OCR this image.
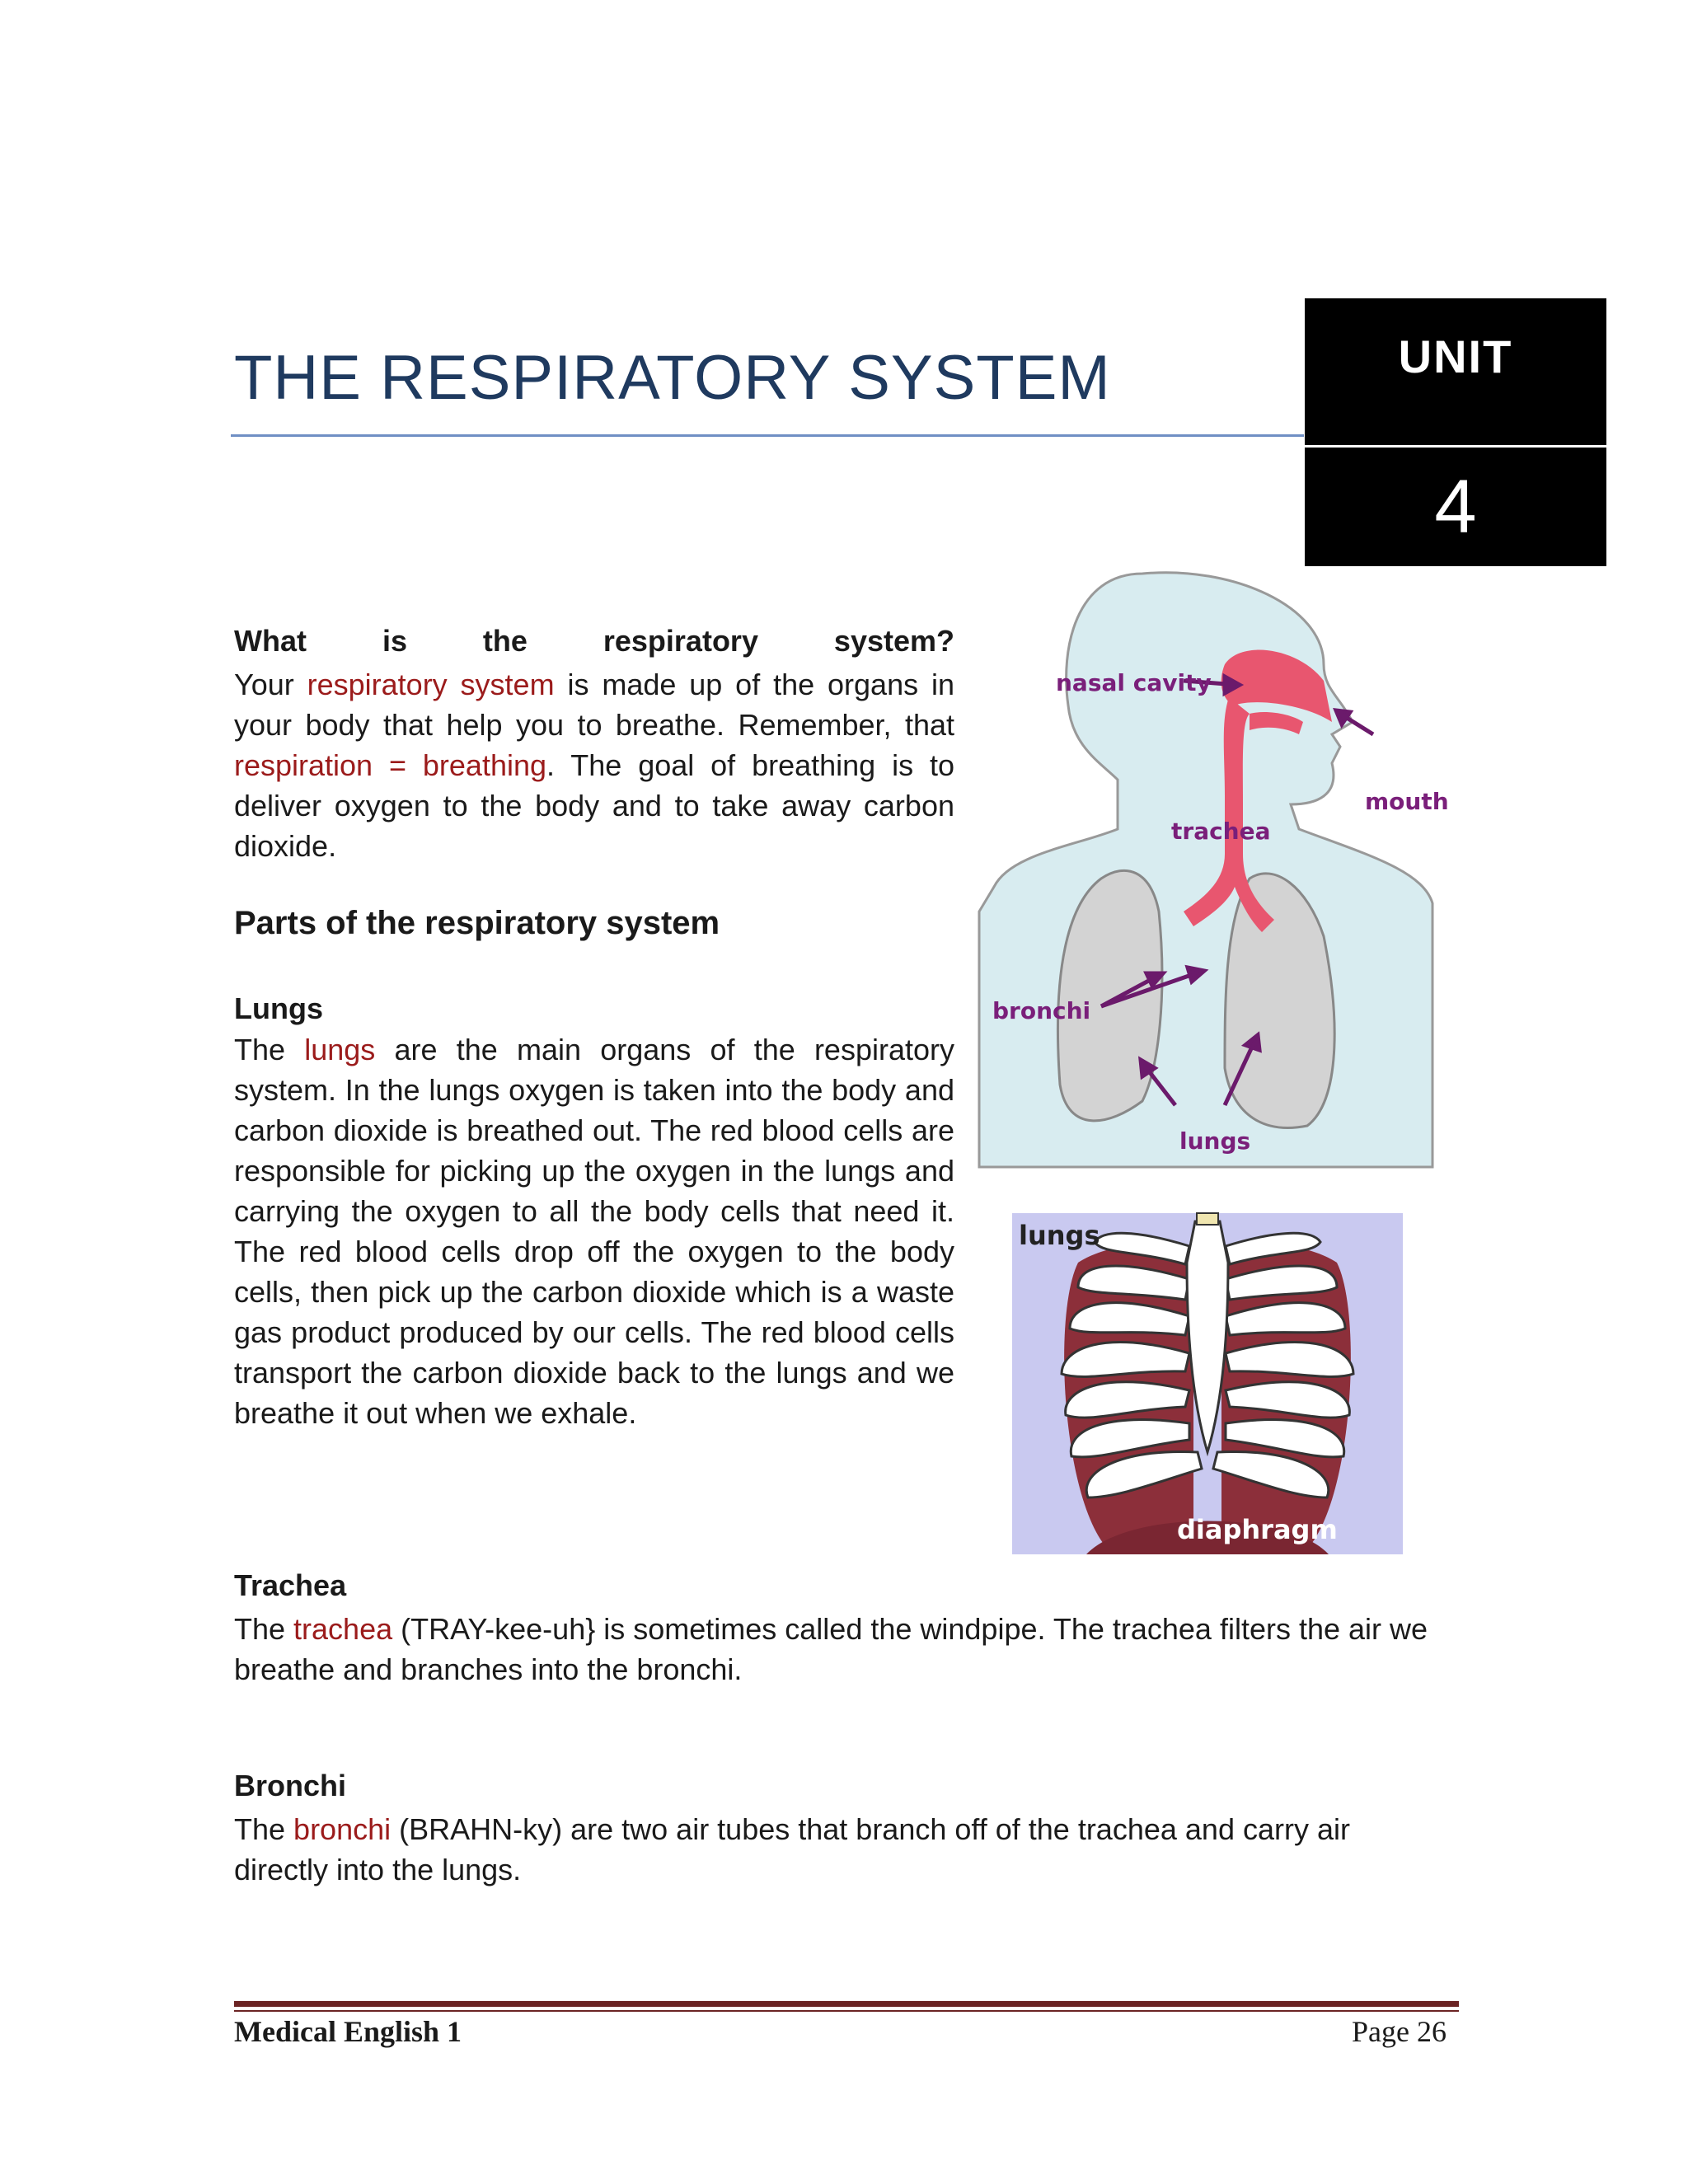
THE RESPIRATORY SYSTEM	UNIT
4
What	is	the	respiratory	system?
Your respiratory system is made up of the organs in your body that help you to breathe. Remember, that respiration = breathing. The goal of breathing is to deliver oxygen to the body and to take away carbon dioxide.
Parts of the respiratory system
Lungs
The lungs are the main organs of the respiratory system. In the lungs oxygen is taken into the body and carbon dioxide is breathed out. The red blood cells are responsible for picking up the oxygen in the lungs and carrying the oxygen to all the body cells that need it. The red blood cells drop off the oxygen to the body cells, then pick up the carbon dioxide which is a waste gas product produced by our cells. The red blood cells transport the carbon dioxide back to the lungs and we breathe it out when we exhale.
nasal cavity
mouth
trachea
bronchi
lungs
lungs
diaphragm
Trachea
The trachea (TRAY-kee-uh} is sometimes called the windpipe. The trachea filters the air we breathe and branches into the bronchi.
Bronchi
The bronchi (BRAHN-ky) are two air tubes that branch off of the trachea and carry air directly into the lungs.
Medical English 1	Page 26
